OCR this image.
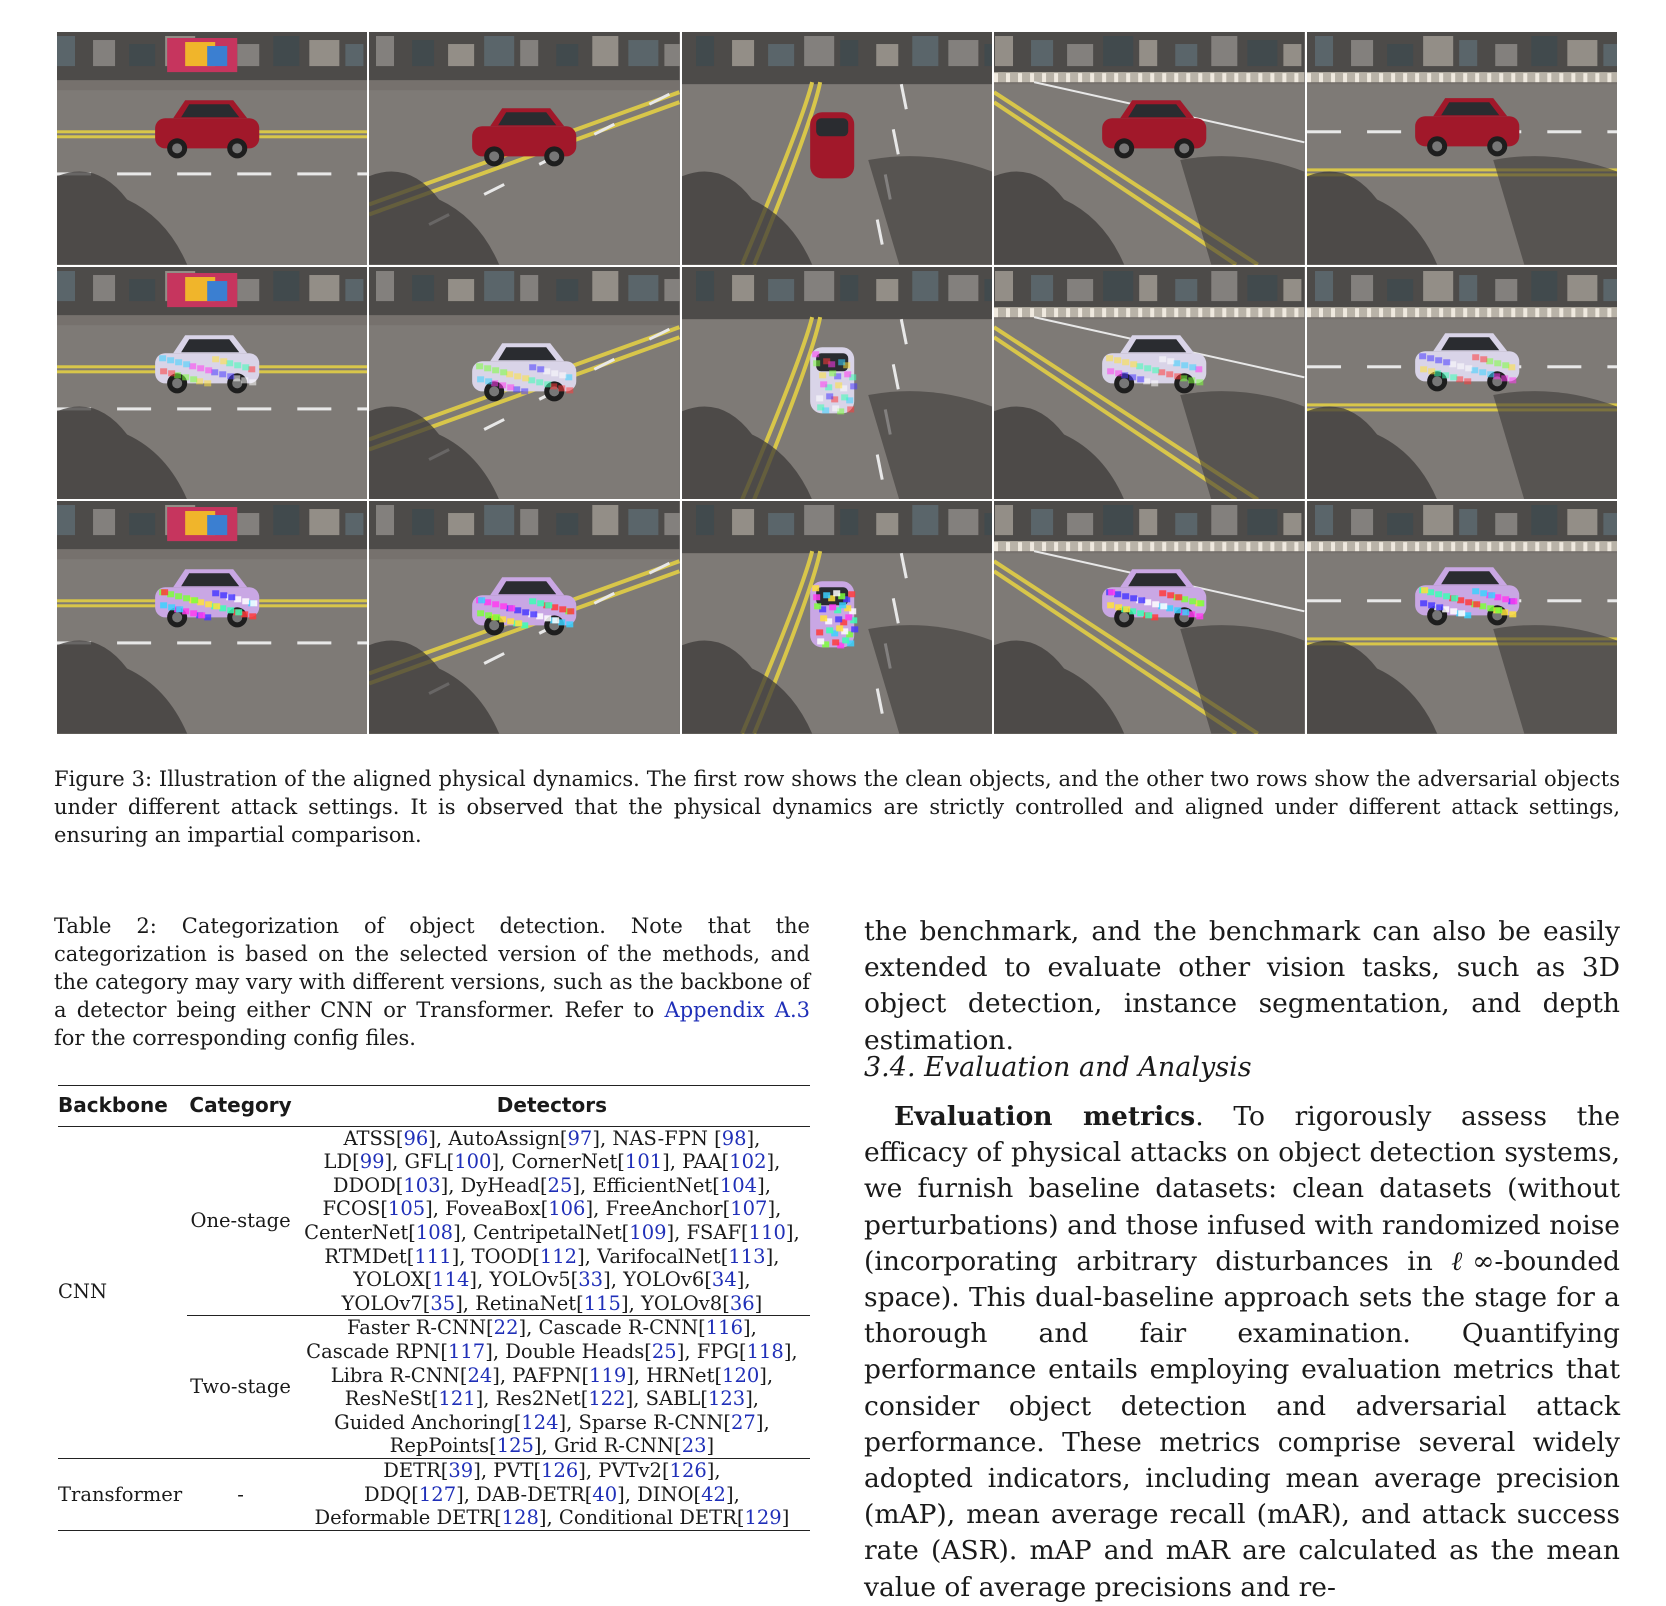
Figure 3: Illustration of the aligned physical dynamics. The first row shows the clean objects, and the other two rows show the adversarial objects under different attack settings. It is observed that the physical dynamics are strictly controlled and aligned under different attack settings, ensuring an impartial comparison.

Table 2: Categorization of object detection. Note that the categorization is based on the selected version of the methods, and the category may vary with different versions, such as the backbone of a detector being either CNN or Transformer. Refer to Appendix A.3 for the corresponding config files.

Backbone	Category	Detectors
CNN	One-stage	ATSS[96], AutoAssign[97], NAS-FPN [98],
		LD[99], GFL[100], CornerNet[101], PAA[102],
		DDOD[103], DyHead[25], EfficientNet[104],
		FCOS[105], FoveaBox[106], FreeAnchor[107],
		CenterNet[108], CentripetalNet[109], FSAF[110],
		RTMDet[111], TOOD[112], VarifocalNet[113],
		YOLOX[114], YOLOv5[33], YOLOv6[34],
		YOLOv7[35], RetinaNet[115], YOLOv8[36]
	Two-stage	Faster R-CNN[22], Cascade R-CNN[116],
		Cascade RPN[117], Double Heads[25], FPG[118],
		Libra R-CNN[24], PAFPN[119], HRNet[120],
		ResNeSt[121], Res2Net[122], SABL[123],
		Guided Anchoring[124], Sparse R-CNN[27],
		RepPoints[125], Grid R-CNN[23]
Transformer	-	DETR[39], PVT[126], PVTv2[126],
		DDQ[127], DAB-DETR[40], DINO[42],
		Deformable DETR[128], Conditional DETR[129]

the benchmark, and the benchmark can also be easily extended to evaluate other vision tasks, such as 3D object detection, instance segmentation, and depth estimation.

3.4. Evaluation and Analysis

Evaluation metrics. To rigorously assess the efficacy of physical attacks on object detection systems, we furnish baseline datasets: clean datasets (without perturbations) and those infused with randomized noise (incorporating arbitrary disturbances in ℓ∞-bounded space). This dual-baseline approach sets the stage for a thorough and fair examination. Quantifying performance entails employing evaluation metrics that consider object detection and adversarial attack performance. These metrics comprise several widely adopted indicators, including mean average precision (mAP), mean average recall (mAR), and attack success rate (ASR). mAP and mAR are calculated as the mean value of average precisions and re-
